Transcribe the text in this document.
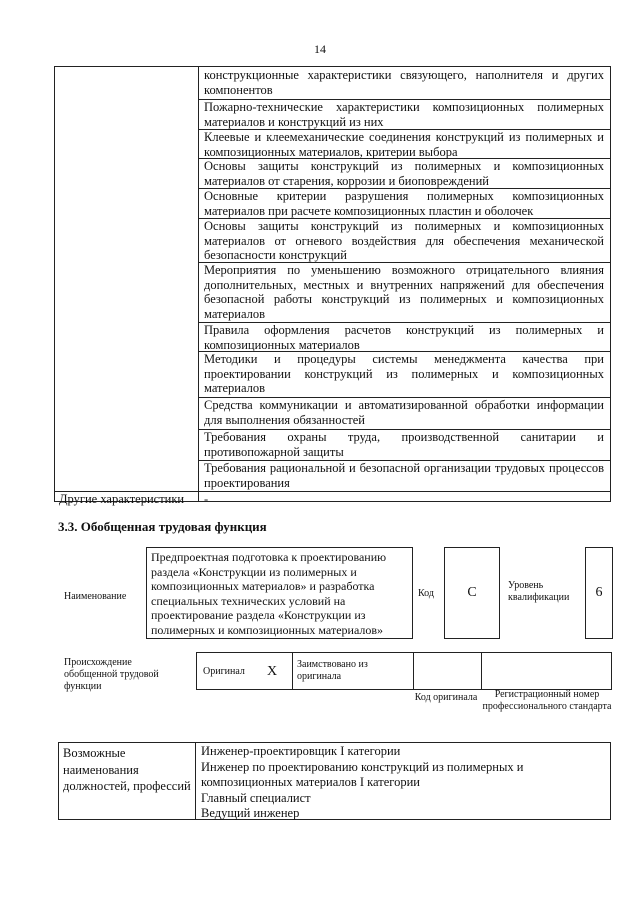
14
конструкционные характеристики связующего, наполнителя и других компонентов
Пожарно-технические характеристики композиционных полимерных материалов и конструкций из них
Клеевые и клеемеханические соединения конструкций из полимерных и композиционных материалов, критерии выбора
Основы защиты конструкций из полимерных и композиционных материалов от старения, коррозии и биоповреждений
Основные критерии разрушения полимерных композиционных материалов при расчете композиционных пластин и оболочек
Основы защиты конструкций из полимерных и композиционных материалов от огневого воздействия для обеспечения механической безопасности конструкций
Мероприятия по уменьшению возможного отрицательного влияния дополнительных, местных и внутренних напряжений для обеспечения безопасной работы конструкций из полимерных и композиционных материалов
Правила оформления расчетов конструкций из полимерных и композиционных материалов
Методики и процедуры системы менеджмента качества при проектировании конструкций из полимерных и композиционных материалов
Средства коммуникации и автоматизированной обработки информации для выполнения обязанностей
Требования охраны труда, производственной санитарии и противопожарной защиты
Требования рациональной и безопасной организации трудовых процессов проектирования
Другие характеристики -
3.3. Обобщенная трудовая функция
Наименование
Предпроектная подготовка к проектированию раздела «Конструкции из полимерных и композиционных материалов» и разработка специальных технических условий на проектирование раздела «Конструкции из полимерных и композиционных материалов»
Код	C	Уровень квалификации	6
Происхождение обобщенной трудовой функции
Оригинал X Заимствовано из оригинала
Код оригинала	Регистрационный номер профессионального стандарта
Возможные наименования должностей, профессий
Инженер-проектировщик I категории
Инженер по проектированию конструкций из полимерных и композиционных материалов I категории
Главный специалист
Ведущий инженер
